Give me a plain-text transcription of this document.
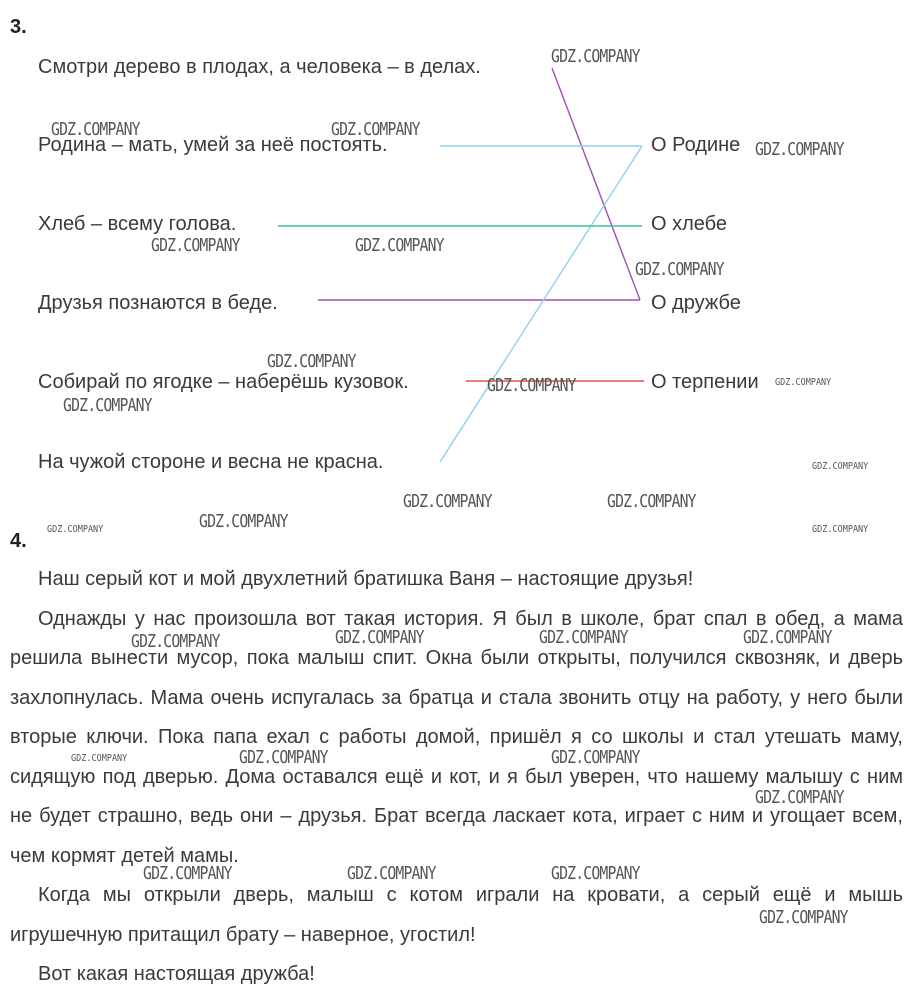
3.
Смотри дерево в плодах, а человека – в делах.
Родина – мать, умей за неё постоять.
Хлеб – всему голова.
Друзья познаются в беде.
Собирай по ягодке – наберёшь кузовок.
На чужой стороне и весна не красна.
О Родине
О хлебе
О дружбе
О терпении
4.

Наш серый кот и мой двухлетний братишка Ваня – настоящие друзья!

Однажды у нас произошла вот такая история. Я был в школе, брат спал в обед, а мама решила вынести мусор, пока малыш спит. Окна были открыты, получился сквозняк, и дверь захлопнулась. Мама очень испугалась за братца и стала звонить отцу на работу, у него были вторые ключи. Пока папа ехал с работы домой, пришёл я со школы и стал утешать маму, сидящую под дверью. Дома оставался ещё и кот, и я был уверен, что нашему малышу с ним не будет страшно, ведь они – друзья. Брат всегда ласкает кота, играет с ним и угощает всем, чем кормят детей мамы.

Когда мы открыли дверь, малыш с котом играли на кровати, а серый ещё и мышь игрушечную притащил брату – наверное, угостил!

Вот какая настоящая дружба!

GDZ.COMPANY
GDZ.COMPANY	GDZ.COMPANY
GDZ.COMPANY
GDZ.COMPANY	GDZ.COMPANY
GDZ.COMPANY
GDZ.COMPANY
GDZ.COMPANY	GDZ.COMPANY
GDZ.COMPANY
GDZ.COMPANY
GDZ.COMPANY	GDZ.COMPANY
GDZ.COMPANY
GDZ.COMPANY	GDZ.COMPANY
GDZ.COMPANY	GDZ.COMPANY	GDZ.COMPANY	GDZ.COMPANY
GDZ.COMPANY	GDZ.COMPANY	GDZ.COMPANY
GDZ.COMPANY
GDZ.COMPANY	GDZ.COMPANY	GDZ.COMPANY
GDZ.COMPANY
